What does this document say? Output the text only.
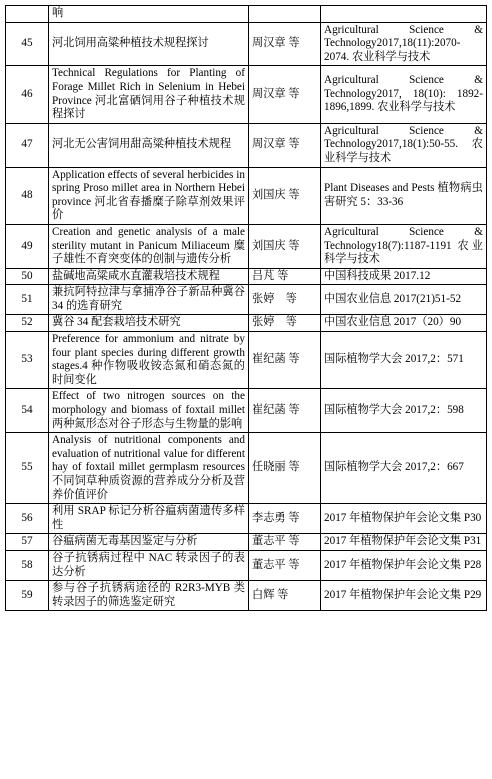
	响		
45	河北饲用高粱种植技术规程探讨	周汉章 等	Agricultural Science & Technology2017,18(11):2070-2074. 农业科学与技术
46	Technical Regulations for Planting of Forage Millet Rich in Selenium in Hebei Province 河北富硒饲用谷子种植技术规程探讨	周汉章 等	Agricultural Science & Technology2017, 18(10): 1892-1896,1899. 农业科学与技术
47	河北无公害饲用甜高粱种植技术规程	周汉章 等	Agricultural Science & Technology2017,18(1):50-55. 农业科学与技术
48	Application effects of several herbicides in spring Proso millet area in Northern Hebei province 河北省春播糜子除草剂效果评价	刘国庆 等	Plant Diseases and Pests 植物病虫害研究 5：33-36
49	Creation and genetic analysis of a male sterility mutant in Panicum Miliaceum 糜子雄性不育突变体的创制与遗传分析	刘国庆 等	Agricultural Science & Technology18(7):1187-1191 农业科学与技术
50	盐碱地高粱咸水直灌栽培技术规程	吕芃 等	中国科技成果 2017.12
51	兼抗阿特拉津与拿捕净谷子新品种冀谷 34 的选育研究	张婷　等	中国农业信息 2017(21)51-52
52	冀谷 34 配套栽培技术研究	张婷　等	中国农业信息 2017（20）90
53	Preference for ammonium and nitrate by four plant species during different growth stages.4 种作物吸收铵态氮和硝态氮的时间变化	崔纪菡 等	国际植物学大会 2017,2：571
54	Effect of two nitrogen sources on the morphology and biomass of foxtail millet 两种氮形态对谷子形态与生物量的影响	崔纪菡 等	国际植物学大会 2017,2：598
55	Analysis of nutritional components and evaluation of nutritional value for different hay of foxtail millet germplasm resources 不同饲草种质资源的营养成分分析及营养价值评价	任晓丽 等	国际植物学大会 2017,2：667
56	利用 SRAP 标记分析谷瘟病菌遗传多样性	李志勇 等	2017 年植物保护年会论文集 P30
57	谷瘟病菌无毒基因鉴定与分析	董志平 等	2017 年植物保护年会论文集 P31
58	谷子抗锈病过程中 NAC 转录因子的表达分析	董志平 等	2017 年植物保护年会论文集 P28
59	参与谷子抗锈病途径的 R2R3-MYB 类转录因子的筛选鉴定研究	白辉 等	2017 年植物保护年会论文集 P29
